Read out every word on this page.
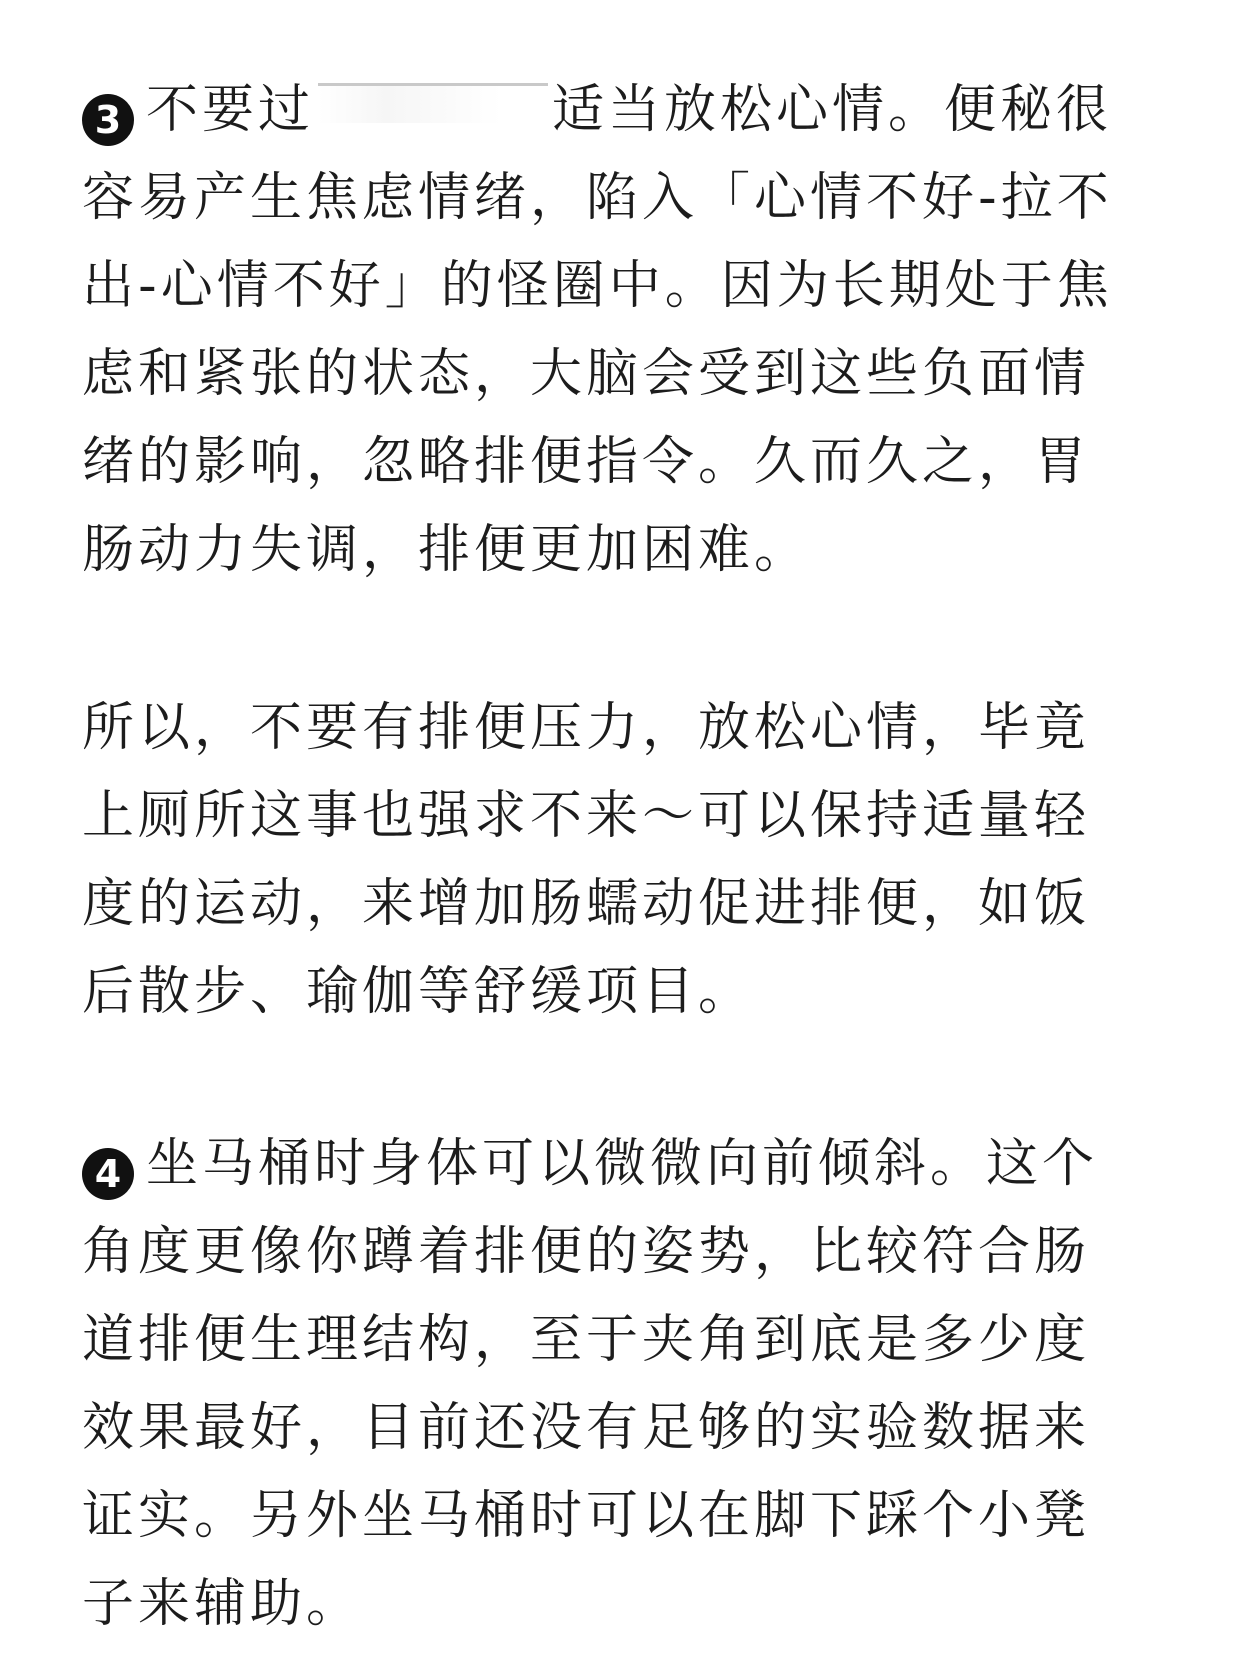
3 不要过	适当放松心情。便秘很
容易产生焦虑情绪，陷入「心情不好-拉不
出-心情不好」的怪圈中。因为长期处于焦
虑和紧张的状态，大脑会受到这些负面情
绪的影响，忽略排便指令。久而久之，胃
肠动力失调，排便更加困难。
所以，不要有排便压力，放松心情，毕竟
上厕所这事也强求不来～可以保持适量轻
度的运动，来增加肠蠕动促进排便，如饭
后散步、瑜伽等舒缓项目。
4 坐马桶时身体可以微微向前倾斜。这个
角度更像你蹲着排便的姿势，比较符合肠
道排便生理结构，至于夹角到底是多少度
效果最好，目前还没有足够的实验数据来
证实。另外坐马桶时可以在脚下踩个小凳
子来辅助。
